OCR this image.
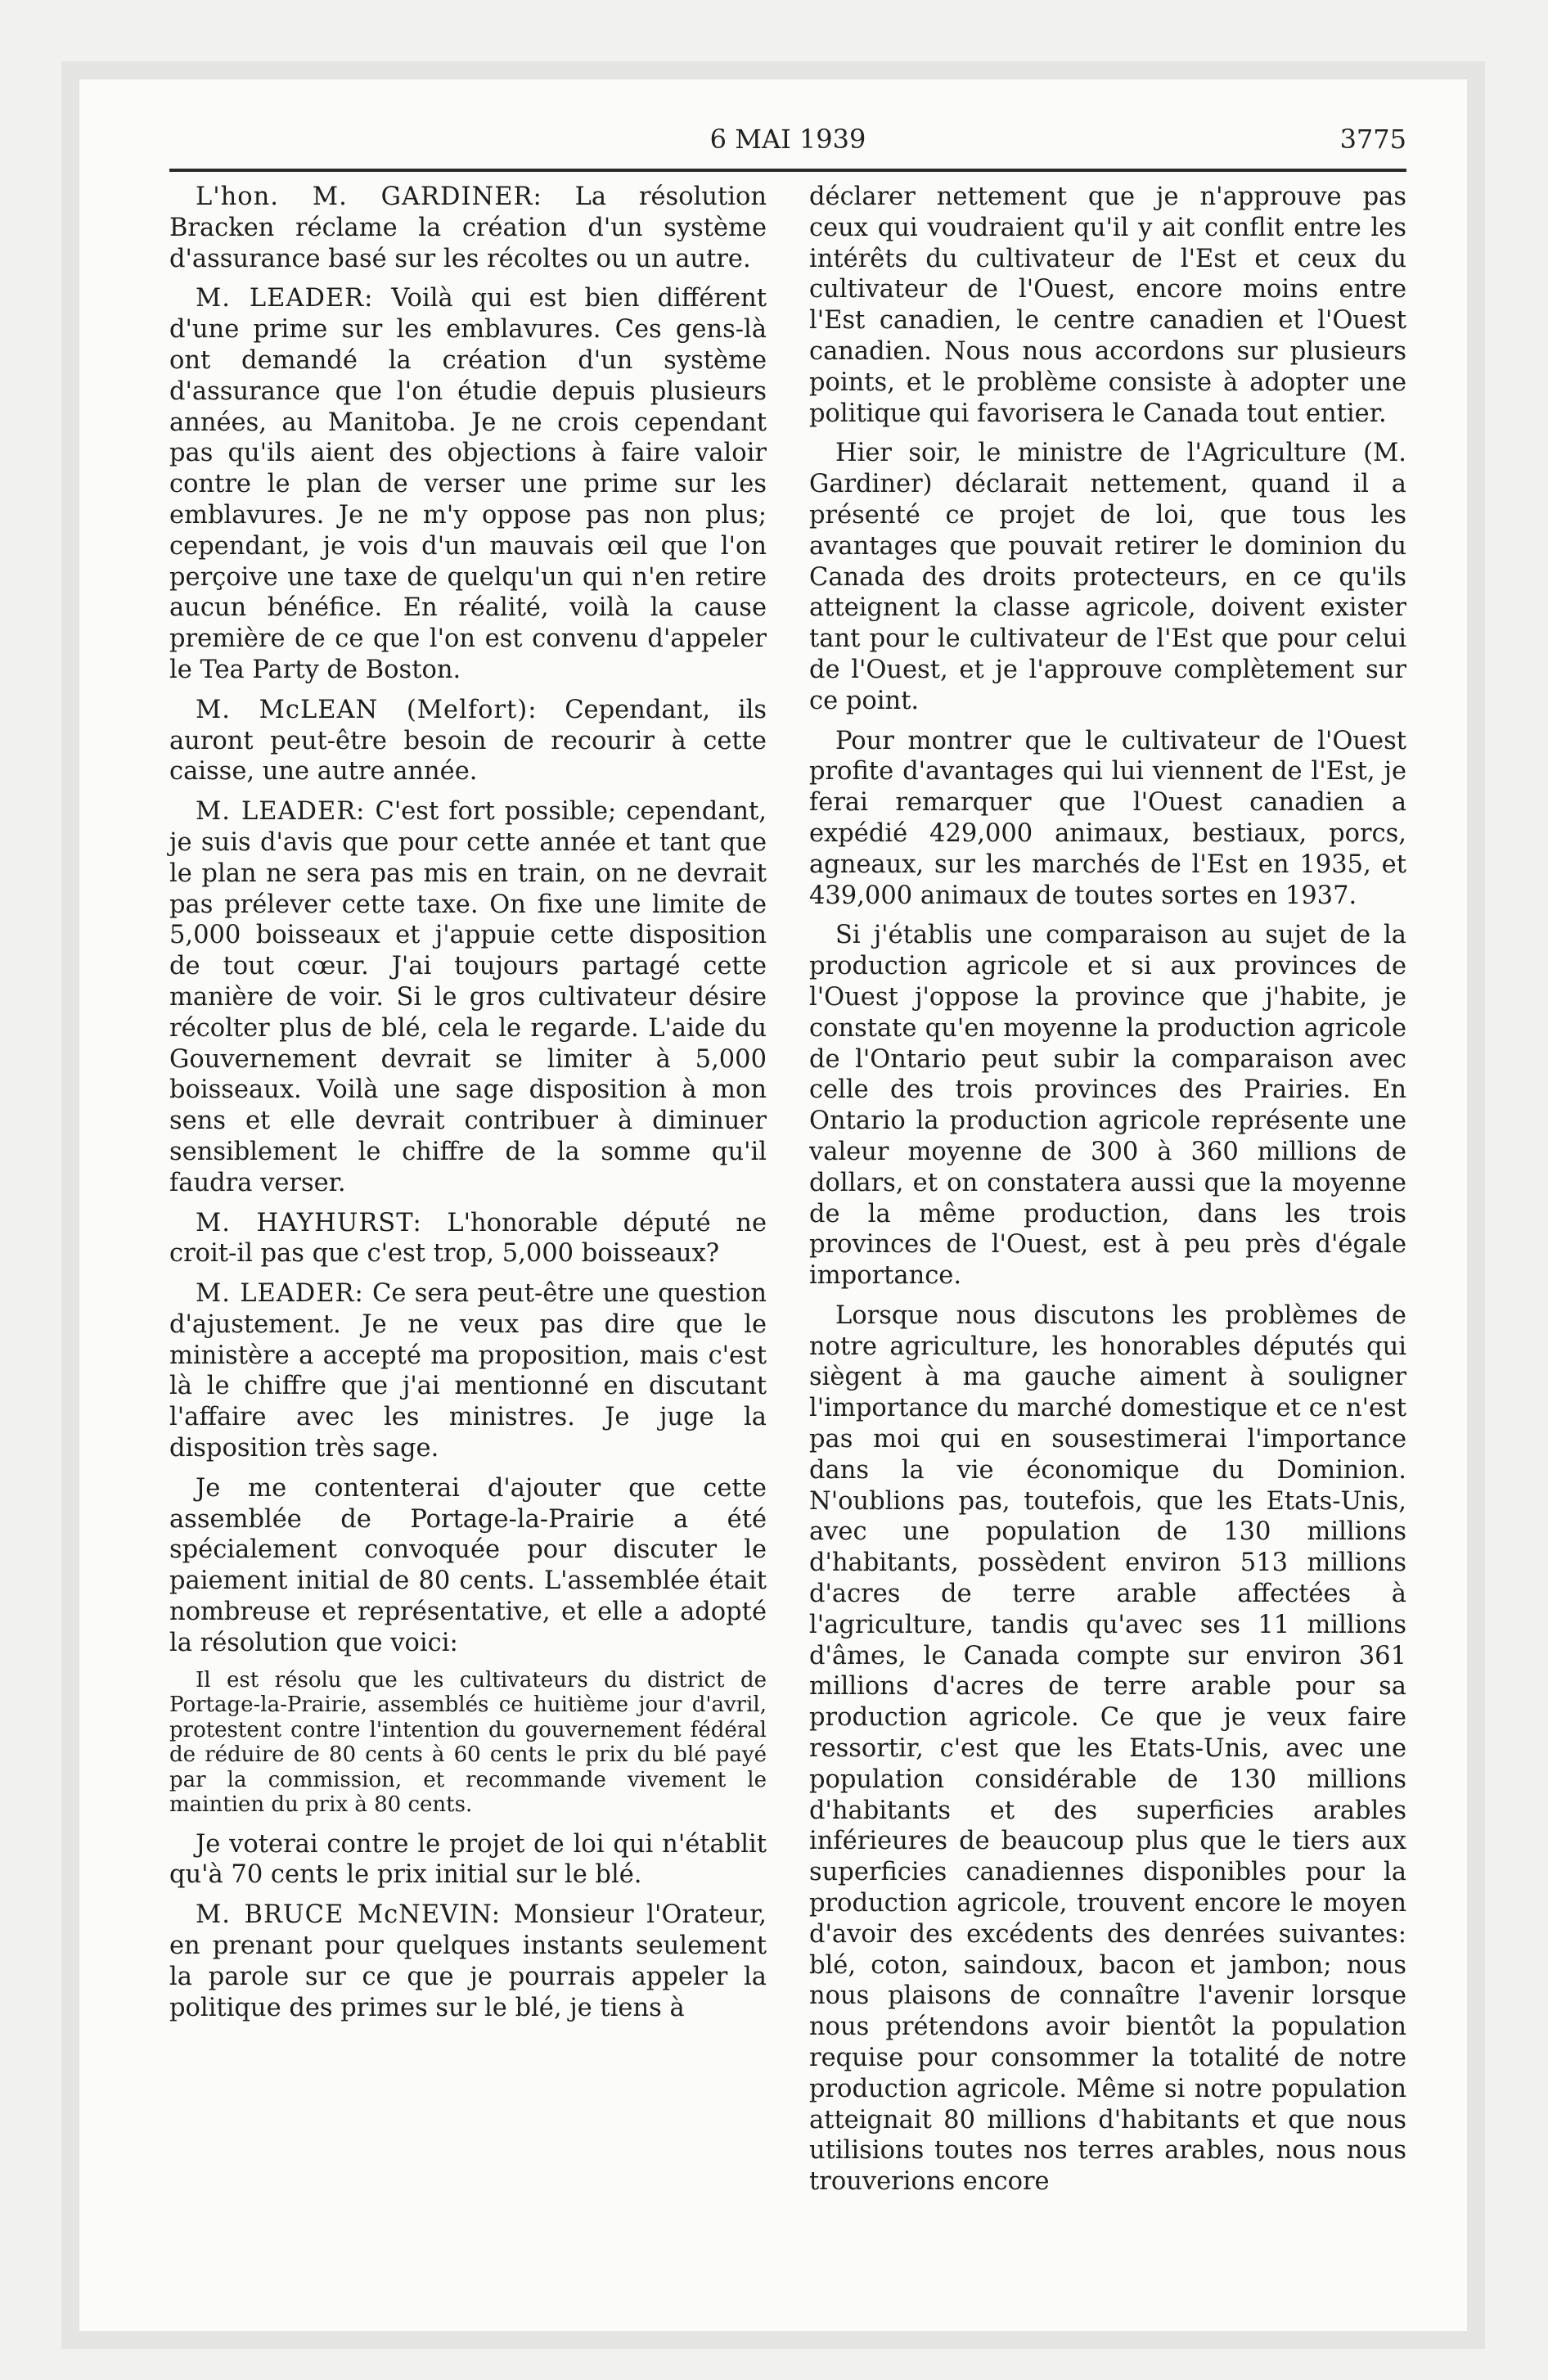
6 MAI 1939	3775

L'hon. M. GARDINER: La résolution Bracken réclame la création d'un système d'assurance basé sur les récoltes ou un autre.

M. LEADER: Voilà qui est bien différent d'une prime sur les emblavures. Ces gens-là ont demandé la création d'un système d'assurance que l'on étudie depuis plusieurs années, au Manitoba. Je ne crois cependant pas qu'ils aient des objections à faire valoir contre le plan de verser une prime sur les emblavures. Je ne m'y oppose pas non plus; cependant, je vois d'un mauvais œil que l'on perçoive une taxe de quelqu'un qui n'en retire aucun bénéfice. En réalité, voilà la cause première de ce que l'on est convenu d'appeler le Tea Party de Boston.

M. McLEAN (Melfort): Cependant, ils auront peut-être besoin de recourir à cette caisse, une autre année.

M. LEADER: C'est fort possible; cependant, je suis d'avis que pour cette année et tant que le plan ne sera pas mis en train, on ne devrait pas prélever cette taxe. On fixe une limite de 5,000 boisseaux et j'appuie cette disposition de tout cœur. J'ai toujours partagé cette manière de voir. Si le gros cultivateur désire récolter plus de blé, cela le regarde. L'aide du Gouvernement devrait se limiter à 5,000 boisseaux. Voilà une sage disposition à mon sens et elle devrait contribuer à diminuer sensiblement le chiffre de la somme qu'il faudra verser.

M. HAYHURST: L'honorable député ne croit-il pas que c'est trop, 5,000 boisseaux?

M. LEADER: Ce sera peut-être une question d'ajustement. Je ne veux pas dire que le ministère a accepté ma proposition, mais c'est là le chiffre que j'ai mentionné en discutant l'affaire avec les ministres. Je juge la disposition très sage.

Je me contenterai d'ajouter que cette assemblée de Portage-la-Prairie a été spécialement convoquée pour discuter le paiement initial de 80 cents. L'assemblée était nombreuse et représentative, et elle a adopté la résolution que voici:

Il est résolu que les cultivateurs du district de Portage-la-Prairie, assemblés ce huitième jour d'avril, protestent contre l'intention du gouvernement fédéral de réduire de 80 cents à 60 cents le prix du blé payé par la commission, et recommande vivement le maintien du prix à 80 cents.

Je voterai contre le projet de loi qui n'établit qu'à 70 cents le prix initial sur le blé.

M. BRUCE McNEVIN: Monsieur l'Orateur, en prenant pour quelques instants seulement la parole sur ce que je pourrais appeler la politique des primes sur le blé, je tiens à

déclarer nettement que je n'approuve pas ceux qui voudraient qu'il y ait conflit entre les intérêts du cultivateur de l'Est et ceux du cultivateur de l'Ouest, encore moins entre l'Est canadien, le centre canadien et l'Ouest canadien. Nous nous accordons sur plusieurs points, et le problème consiste à adopter une politique qui favorisera le Canada tout entier.

Hier soir, le ministre de l'Agriculture (M. Gardiner) déclarait nettement, quand il a présenté ce projet de loi, que tous les avantages que pouvait retirer le dominion du Canada des droits protecteurs, en ce qu'ils atteignent la classe agricole, doivent exister tant pour le cultivateur de l'Est que pour celui de l'Ouest, et je l'approuve complètement sur ce point.

Pour montrer que le cultivateur de l'Ouest profite d'avantages qui lui viennent de l'Est, je ferai remarquer que l'Ouest canadien a expédié 429,000 animaux, bestiaux, porcs, agneaux, sur les marchés de l'Est en 1935, et 439,000 animaux de toutes sortes en 1937.

Si j'établis une comparaison au sujet de la production agricole et si aux provinces de l'Ouest j'oppose la province que j'habite, je constate qu'en moyenne la production agricole de l'Ontario peut subir la comparaison avec celle des trois provinces des Prairies. En Ontario la production agricole représente une valeur moyenne de 300 à 360 millions de dollars, et on constatera aussi que la moyenne de la même production, dans les trois provinces de l'Ouest, est à peu près d'égale importance.

Lorsque nous discutons les problèmes de notre agriculture, les honorables députés qui siègent à ma gauche aiment à souligner l'importance du marché domestique et ce n'est pas moi qui en sousestimerai l'importance dans la vie économique du Dominion. N'oublions pas, toutefois, que les Etats-Unis, avec une population de 130 millions d'habitants, possèdent environ 513 millions d'acres de terre arable affectées à l'agriculture, tandis qu'avec ses 11 millions d'âmes, le Canada compte sur environ 361 millions d'acres de terre arable pour sa production agricole. Ce que je veux faire ressortir, c'est que les Etats-Unis, avec une population considérable de 130 millions d'habitants et des superficies arables inférieures de beaucoup plus que le tiers aux superficies canadiennes disponibles pour la production agricole, trouvent encore le moyen d'avoir des excédents des denrées suivantes: blé, coton, saindoux, bacon et jambon; nous nous plaisons de connaître l'avenir lorsque nous prétendons avoir bientôt la population requise pour consommer la totalité de notre production agricole. Même si notre population atteignait 80 millions d'habitants et que nous utilisions toutes nos terres arables, nous nous trouverions encore
